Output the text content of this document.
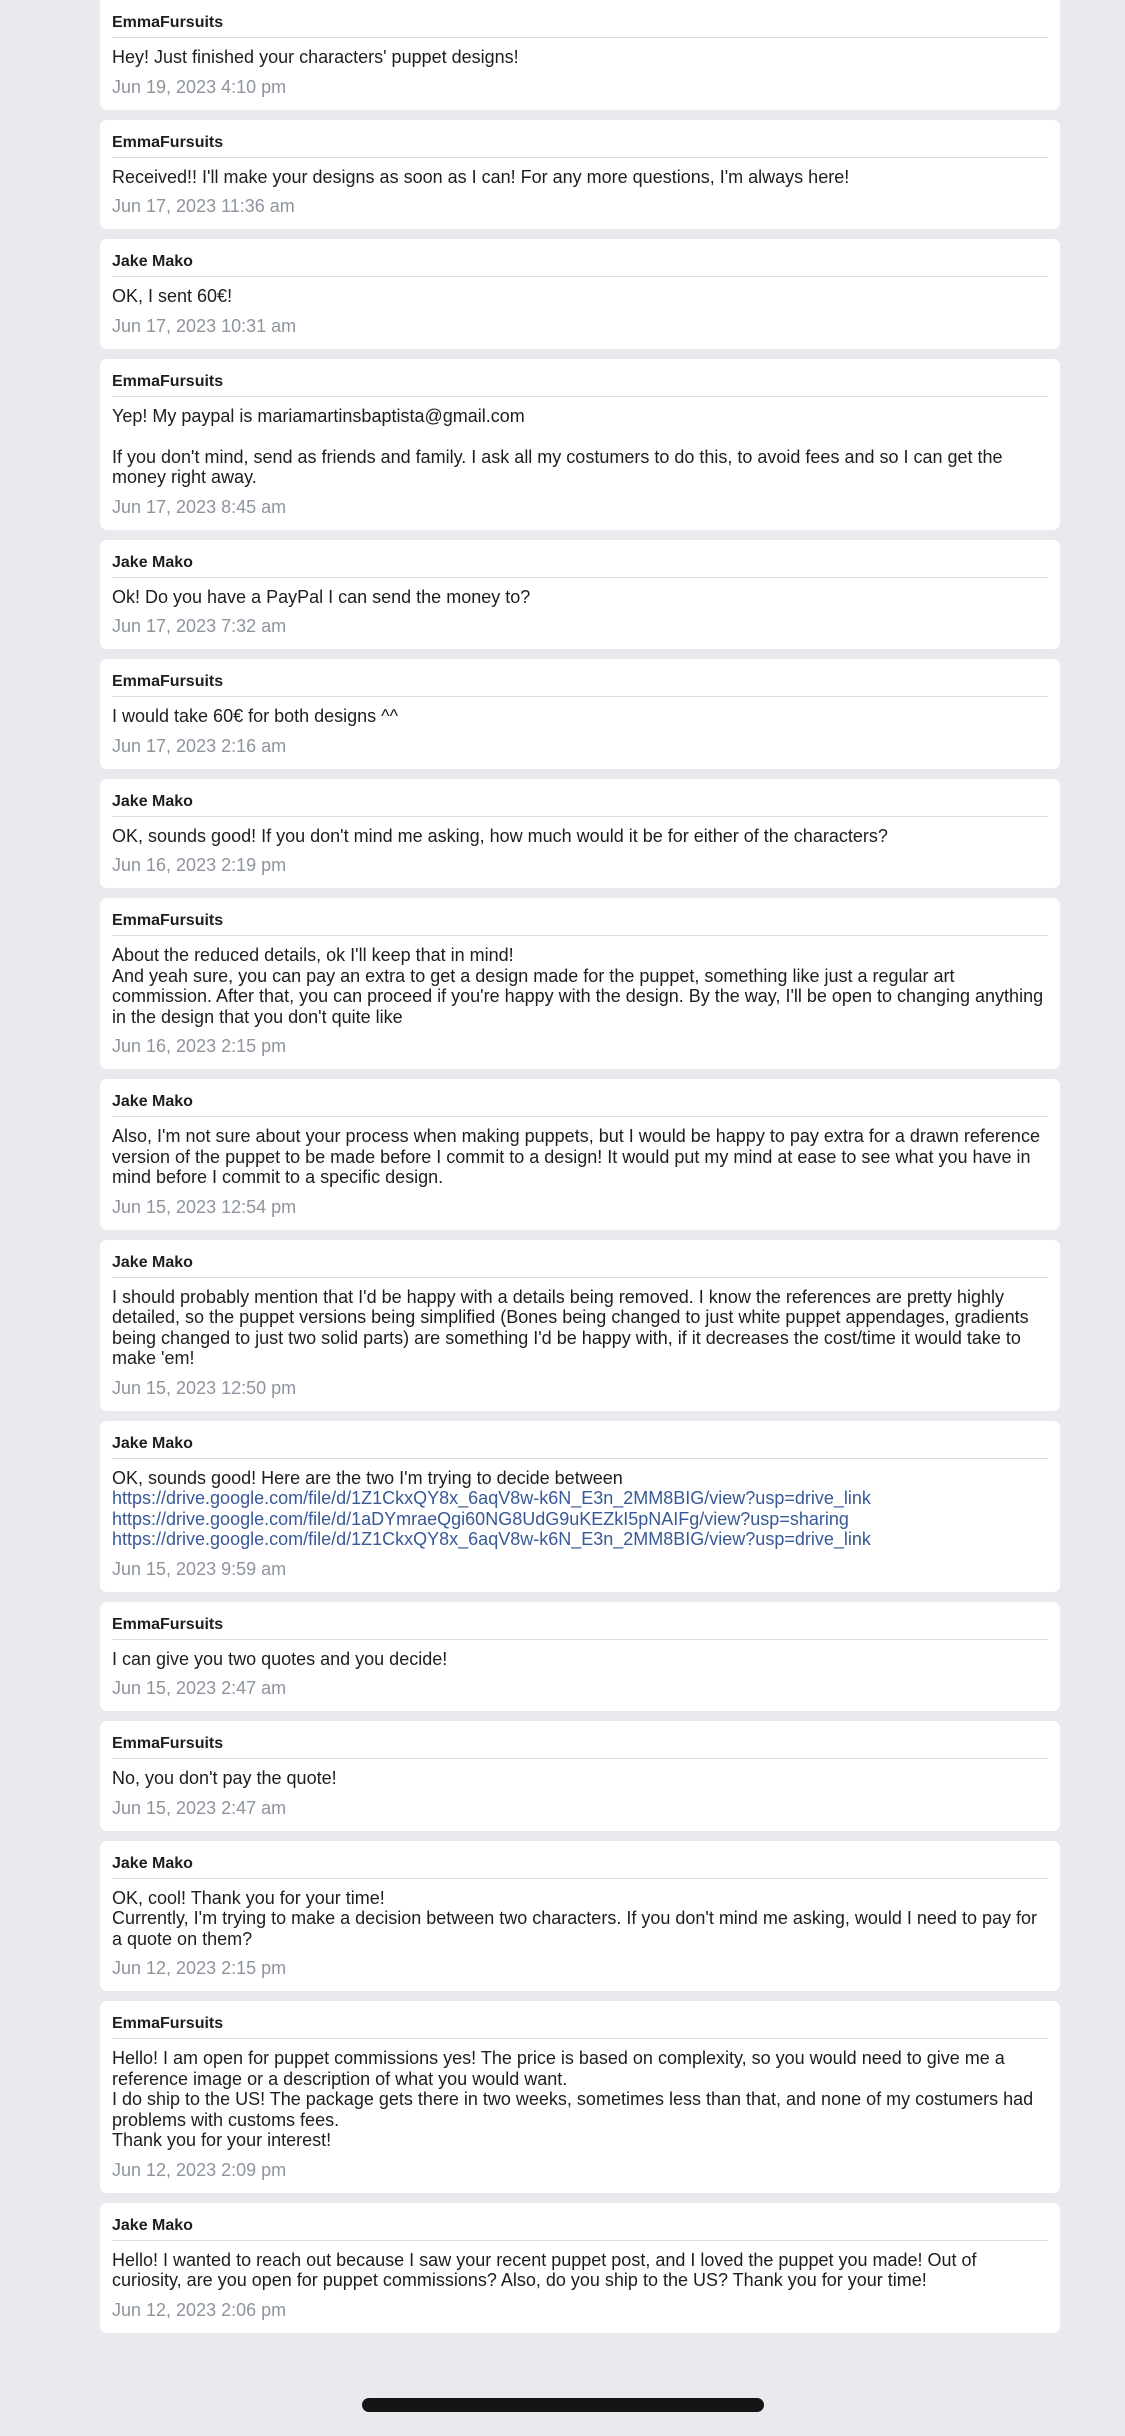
EmmaFursuits
Hey! Just finished your characters' puppet designs!
Jun 19, 2023 4:10 pm
EmmaFursuits
Received!! I'll make your designs as soon as I can! For any more questions, I'm always here!
Jun 17, 2023 11:36 am
Jake Mako
OK, I sent 60€!
Jun 17, 2023 10:31 am
EmmaFursuits
Yep! My paypal is mariamartinsbaptista@gmail.com
If you don't mind, send as friends and family. I ask all my costumers to do this, to avoid fees and so I can get the money right away.
Jun 17, 2023 8:45 am
Jake Mako
Ok! Do you have a PayPal I can send the money to?
Jun 17, 2023 7:32 am
EmmaFursuits
I would take 60€ for both designs ^^
Jun 17, 2023 2:16 am
Jake Mako
OK, sounds good! If you don't mind me asking, how much would it be for either of the characters?
Jun 16, 2023 2:19 pm
EmmaFursuits
About the reduced details, ok I'll keep that in mind!
And yeah sure, you can pay an extra to get a design made for the puppet, something like just a regular art commission. After that, you can proceed if you're happy with the design. By the way, I'll be open to changing anything in the design that you don't quite like
Jun 16, 2023 2:15 pm
Jake Mako
Also, I'm not sure about your process when making puppets, but I would be happy to pay extra for a drawn reference version of the puppet to be made before I commit to a design! It would put my mind at ease to see what you have in mind before I commit to a specific design.
Jun 15, 2023 12:54 pm
Jake Mako
I should probably mention that I'd be happy with a details being removed. I know the references are pretty highly detailed, so the puppet versions being simplified (Bones being changed to just white puppet appendages, gradients being changed to just two solid parts) are something I'd be happy with, if it decreases the cost/time it would take to make 'em!
Jun 15, 2023 12:50 pm
Jake Mako
OK, sounds good! Here are the two I'm trying to decide between
https://drive.google.com/file/d/1Z1CkxQY8x_6aqV8w-k6N_E3n_2MM8BIG/view?usp=drive_link
https://drive.google.com/file/d/1aDYmraeQgi60NG8UdG9uKEZkI5pNAIFg/view?usp=sharing
https://drive.google.com/file/d/1Z1CkxQY8x_6aqV8w-k6N_E3n_2MM8BIG/view?usp=drive_link
Jun 15, 2023 9:59 am
EmmaFursuits
I can give you two quotes and you decide!
Jun 15, 2023 2:47 am
EmmaFursuits
No, you don't pay the quote!
Jun 15, 2023 2:47 am
Jake Mako
OK, cool! Thank you for your time!
Currently, I'm trying to make a decision between two characters. If you don't mind me asking, would I need to pay for a quote on them?
Jun 12, 2023 2:15 pm
EmmaFursuits
Hello! I am open for puppet commissions yes! The price is based on complexity, so you would need to give me a reference image or a description of what you would want.
I do ship to the US! The package gets there in two weeks, sometimes less than that, and none of my costumers had problems with customs fees.
Thank you for your interest!
Jun 12, 2023 2:09 pm
Jake Mako
Hello! I wanted to reach out because I saw your recent puppet post, and I loved the puppet you made! Out of curiosity, are you open for puppet commissions? Also, do you ship to the US? Thank you for your time!
Jun 12, 2023 2:06 pm
